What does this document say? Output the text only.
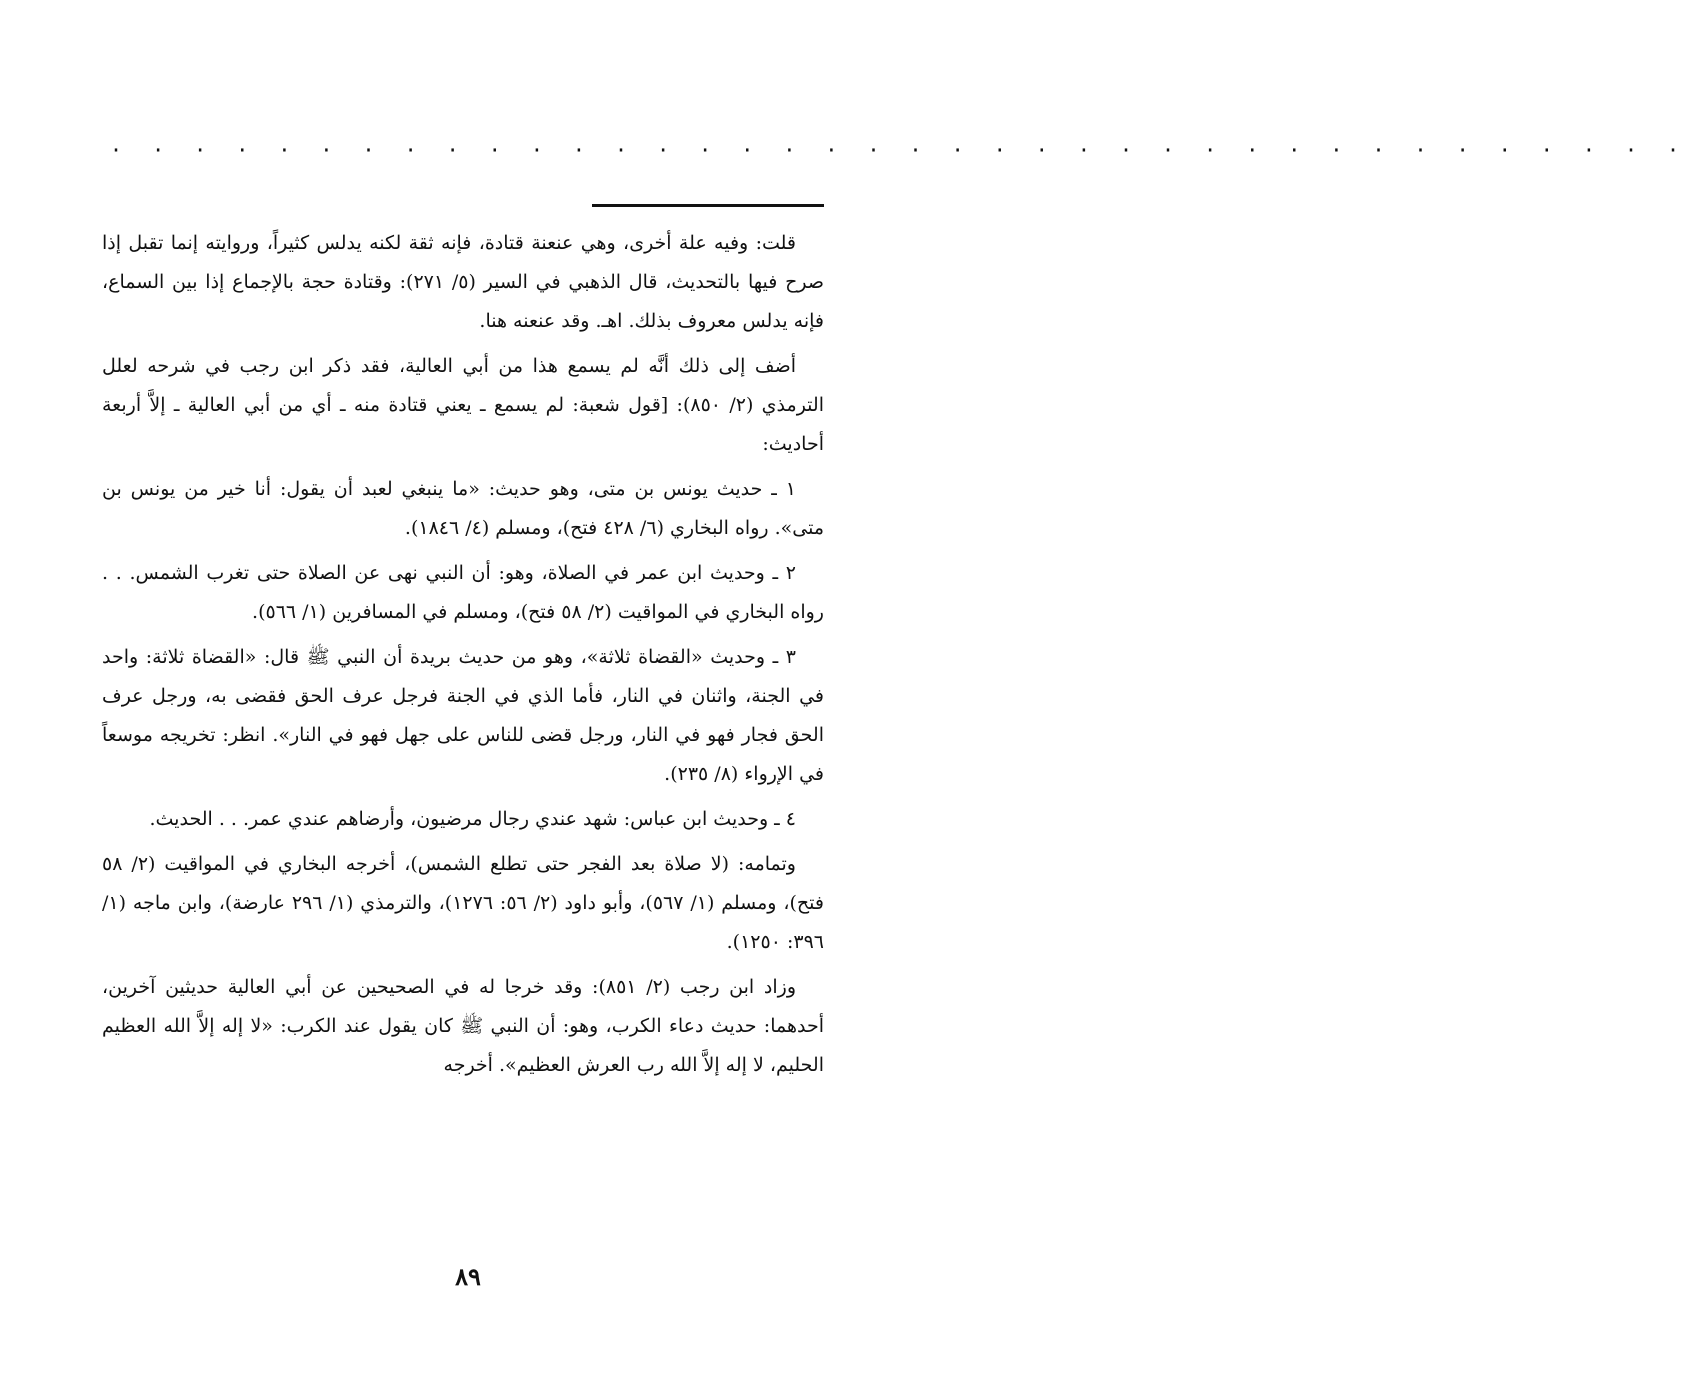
· · · · · · · · · · · · · · · · · · · · · · · · · · · · · · · · · · · · · ·

قلت: وفيه علة أخرى، وهي عنعنة قتادة، فإنه ثقة لكنه يدلس كثيراً، وروايته إنما تقبل إذا صرح فيها بالتحديث، قال الذهبي في السير (٥/ ٢٧١): وقتادة حجة بالإجماع إذا بين السماع، فإنه يدلس معروف بذلك. اهـ. وقد عنعنه هنا.

أضف إلى ذلك أنَّه لم يسمع هذا من أبي العالية، فقد ذكر ابن رجب في شرحه لعلل الترمذي (٢/ ٨٥٠): [قول شعبة: لم يسمع ـ يعني قتادة منه ـ أي من أبي العالية ـ إلاَّ أربعة أحاديث:

١ ـ حديث يونس بن متى، وهو حديث: «ما ينبغي لعبد أن يقول: أنا خير من يونس بن متى». رواه البخاري (٦/ ٤٢٨ فتح)، ومسلم (٤/ ١٨٤٦).

٢ ـ وحديث ابن عمر في الصلاة، وهو: أن النبي نهى عن الصلاة حتى تغرب الشمس. . . رواه البخاري في المواقيت (٢/ ٥٨ فتح)، ومسلم في المسافرين (١/ ٥٦٦).

٣ ـ وحديث «القضاة ثلاثة»، وهو من حديث بريدة أن النبي ﷺ قال: «القضاة ثلاثة: واحد في الجنة، واثنان في النار، فأما الذي في الجنة فرجل عرف الحق فقضى به، ورجل عرف الحق فجار فهو في النار، ورجل قضى للناس على جهل فهو في النار». انظر: تخريجه موسعاً في الإرواء (٨/ ٢٣٥).

٤ ـ وحديث ابن عباس: شهد عندي رجال مرضيون، وأرضاهم عندي عمر. . . الحديث.

وتمامه: (لا صلاة بعد الفجر حتى تطلع الشمس)، أخرجه البخاري في المواقيت (٢/ ٥٨ فتح)، ومسلم (١/ ٥٦٧)، وأبو داود (٢/ ٥٦: ١٢٧٦)، والترمذي (١/ ٢٩٦ عارضة)، وابن ماجه (١/ ٣٩٦: ١٢٥٠).

وزاد ابن رجب (٢/ ٨٥١): وقد خرجا له في الصحيحين عن أبي العالية حديثين آخرين، أحدهما: حديث دعاء الكرب، وهو: أن النبي ﷺ كان يقول عند الكرب: «لا إله إلاَّ الله العظيم الحليم، لا إله إلاَّ الله رب العرش العظيم». أخرجه

٨٩
